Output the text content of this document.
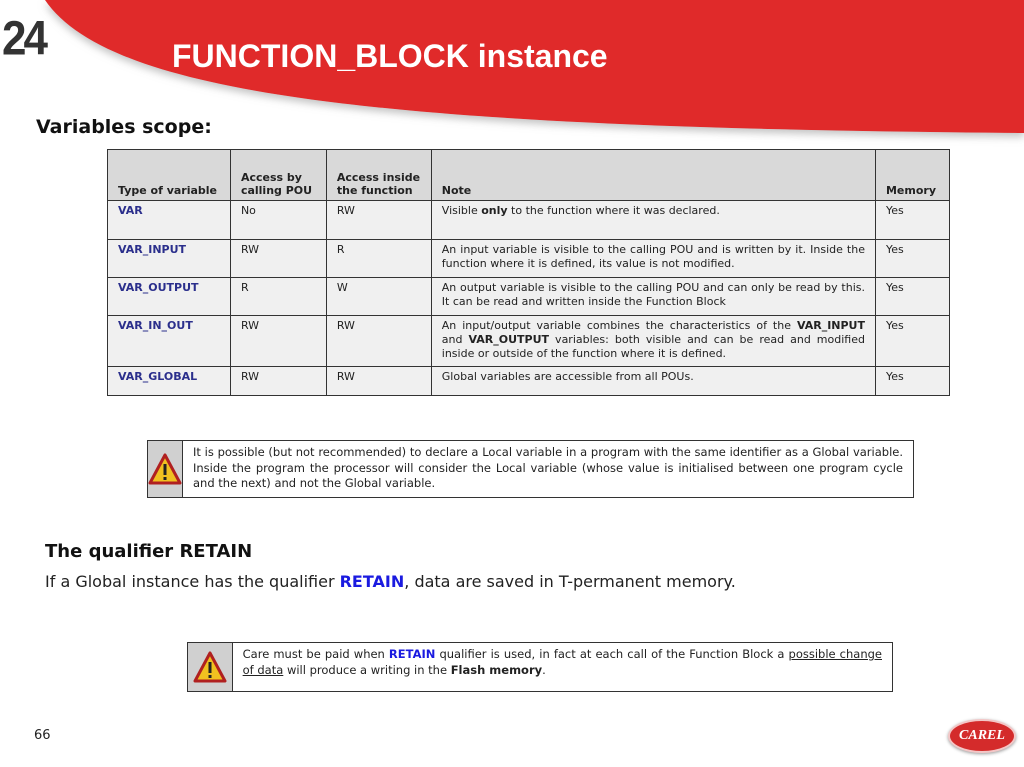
24	FUNCTION_BLOCK instance
Variables scope:
Type of variable	Access by calling POU	Access inside the function	Note	Memory
VAR	No	RW	Visible only to the function where it was declared.	Yes
VAR_INPUT	RW	R	An input variable is visible to the calling POU and is written by it. Inside the function where it is defined, its value is not modified.	Yes
VAR_OUTPUT	R	W	An output variable is visible to the calling POU and can only be read by this. It can be read and written inside the Function Block	Yes
VAR_IN_OUT	RW	RW	An input/output variable combines the characteristics of the VAR_INPUT and VAR_OUTPUT variables: both visible and can be read and modified inside or outside of the function where it is defined.	Yes
VAR_GLOBAL	RW	RW	Global variables are accessible from all POUs.	Yes
It is possible (but not recommended) to declare a Local variable in a program with the same identifier as a Global variable. Inside the program the processor will consider the Local variable (whose value is initialised between one program cycle and the next) and not the Global variable.
The qualifier RETAIN
If a Global instance has the qualifier RETAIN, data are saved in T-permanent memory.
Care must be paid when RETAIN qualifier is used, in fact at each call of the Function Block a possible change of data will produce a writing in the Flash memory.
66	CAREL
